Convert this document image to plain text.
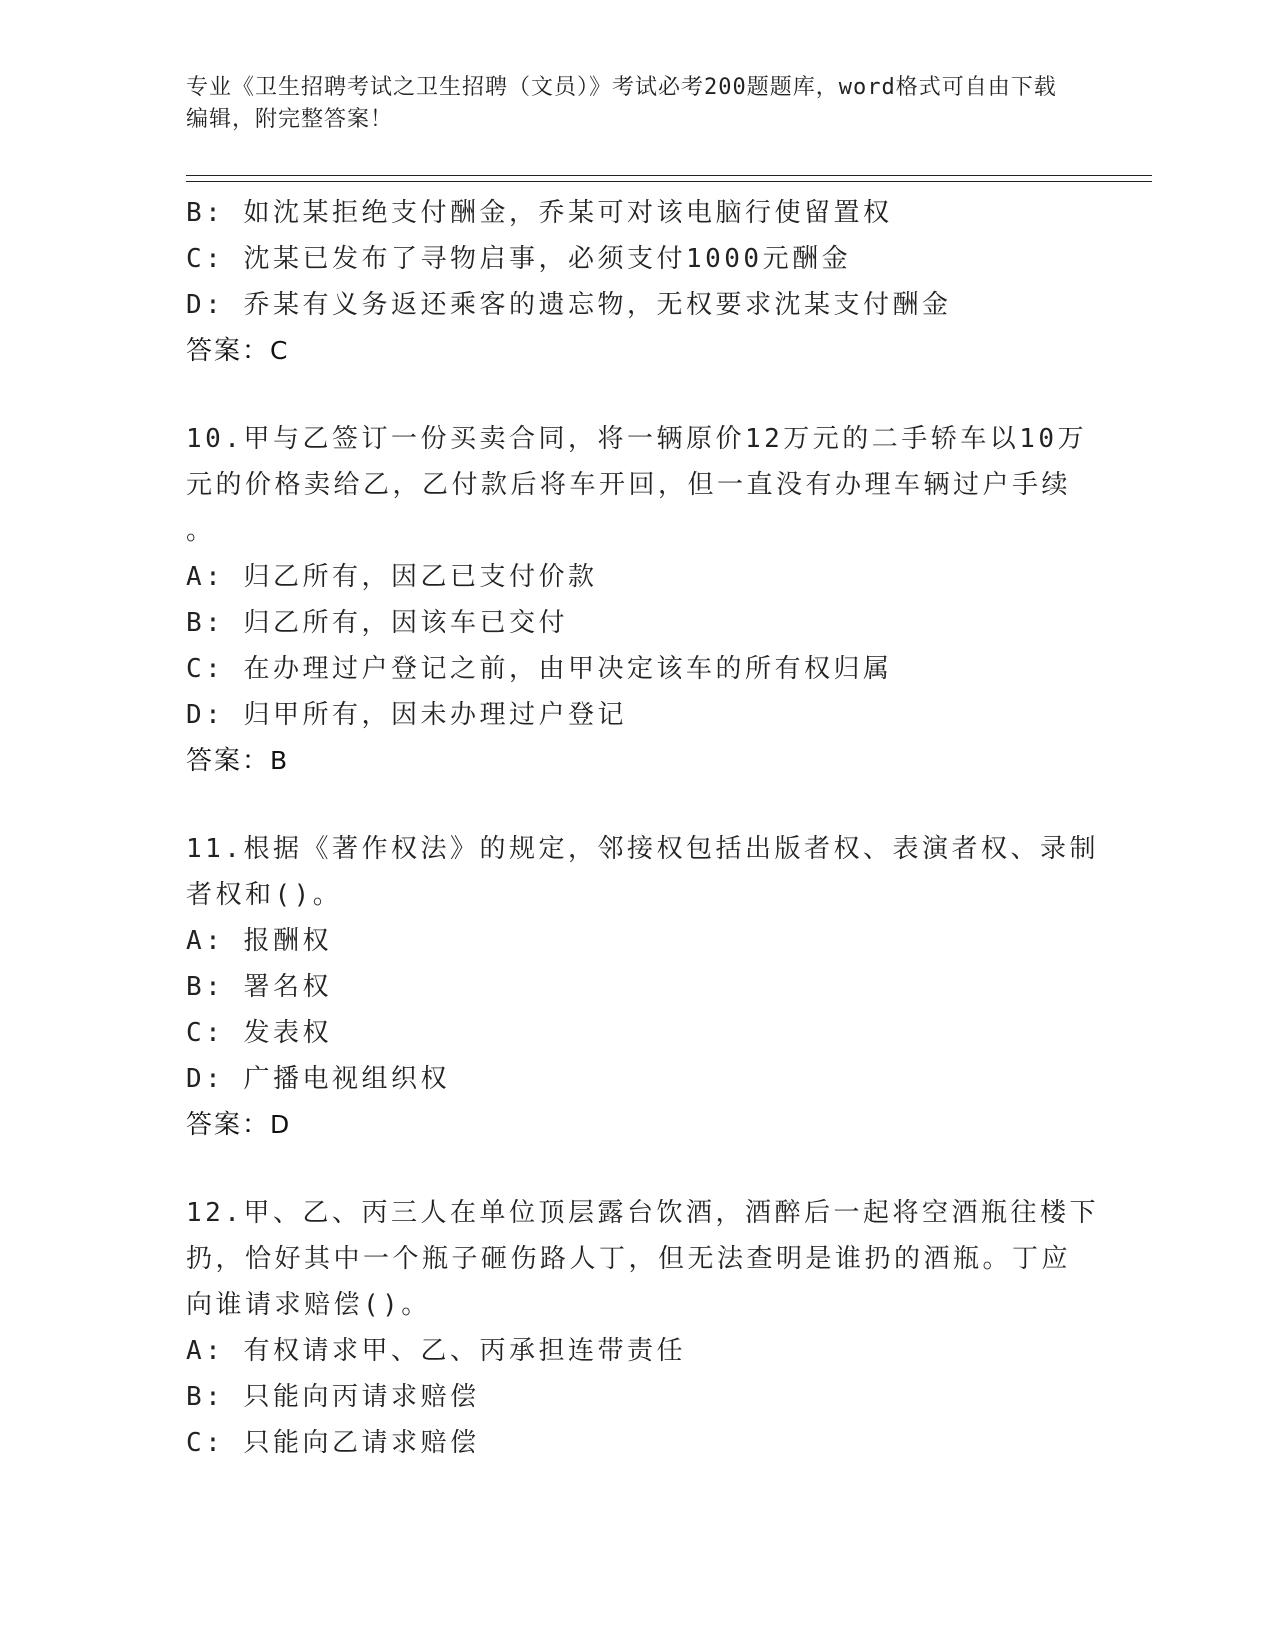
专业《卫生招聘考试之卫生招聘（文员）》考试必考200题题库，word格式可自由下载编辑，附完整答案！
B: 如沈某拒绝支付酬金，乔某可对该电脑行使留置权
C: 沈某已发布了寻物启事，必须支付1000元酬金
D: 乔某有义务返还乘客的遗忘物，无权要求沈某支付酬金
答案：C
10.甲与乙签订一份买卖合同，将一辆原价12万元的二手轿车以10万
元的价格卖给乙，乙付款后将车开回，但一直没有办理车辆过户手续
。
A: 归乙所有，因乙已支付价款
B: 归乙所有，因该车已交付
C: 在办理过户登记之前，由甲决定该车的所有权归属
D: 归甲所有，因未办理过户登记
答案：B
11.根据《著作权法》的规定，邻接权包括出版者权、表演者权、录制
者权和()。
A: 报酬权
B: 署名权
C: 发表权
D: 广播电视组织权
答案：D
12.甲、乙、丙三人在单位顶层露台饮酒，酒醉后一起将空酒瓶往楼下
扔，恰好其中一个瓶子砸伤路人丁，但无法查明是谁扔的酒瓶。丁应
向谁请求赔偿()。
A: 有权请求甲、乙、丙承担连带责任
B: 只能向丙请求赔偿
C: 只能向乙请求赔偿
